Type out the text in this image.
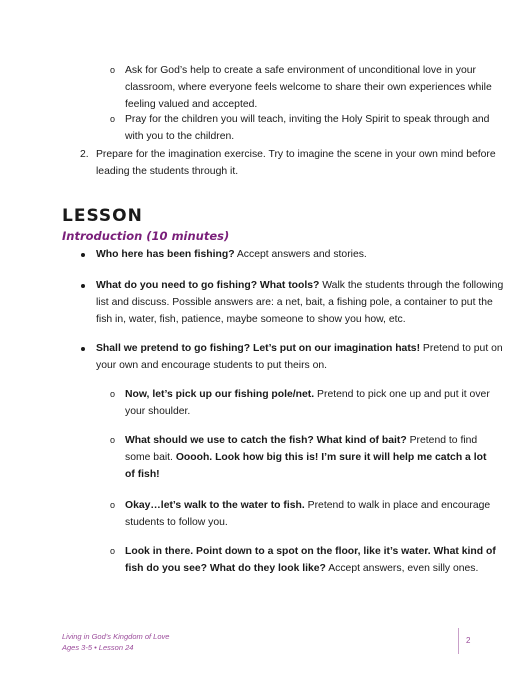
o Ask for God’s help to create a safe environment of unconditional love in your
classroom, where everyone feels welcome to share their own experiences while
feeling valued and accepted.
o Pray for the children you will teach, inviting the Holy Spirit to speak through and
with you to the children.
2. Prepare for the imagination exercise. Try to imagine the scene in your own mind before
leading the students through it.
LESSON

Introduction (10 minutes)

Who here has been fishing? Accept answers and stories.
What do you need to go fishing? What tools? Walk the students through the following
list and discuss. Possible answers are: a net, bait, a fishing pole, a container to put the
fish in, water, fish, patience, maybe someone to show you how, etc.
Shall we pretend to go fishing? Let’s put on our imagination hats! Pretend to put on
your own and encourage students to put theirs on.
o Now, let’s pick up our fishing pole/net. Pretend to pick one up and put it over
your shoulder.
o What should we use to catch the fish? What kind of bait? Pretend to find
some bait. Ooooh. Look how big this is! I’m sure it will help me catch a lot
of fish!
o Okay…let’s walk to the water to fish. Pretend to walk in place and encourage
students to follow you.
o Look in there. Point down to a spot on the floor, like it’s water. What kind of
fish do you see? What do they look like? Accept answers, even silly ones.
Living in God’s Kingdom of Love
Ages 3-5 • Lesson 24
2
